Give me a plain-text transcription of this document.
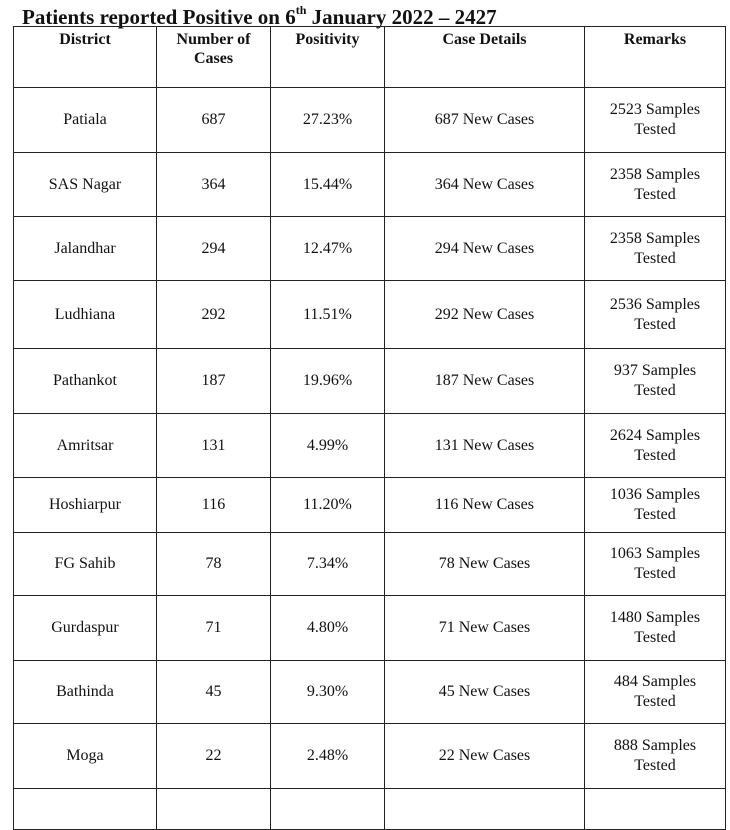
Patients reported Positive on 6th January 2022 – 2427
District	Number of Cases	Positivity	Case Details	Remarks
Patiala	687	27.23%	687 New Cases	2523 Samples Tested
SAS Nagar	364	15.44%	364 New Cases	2358 Samples Tested
Jalandhar	294	12.47%	294 New Cases	2358 Samples Tested
Ludhiana	292	11.51%	292 New Cases	2536 Samples Tested
Pathankot	187	19.96%	187 New Cases	937 Samples Tested
Amritsar	131	4.99%	131 New Cases	2624 Samples Tested
Hoshiarpur	116	11.20%	116 New Cases	1036 Samples Tested
FG Sahib	78	7.34%	78 New Cases	1063 Samples Tested
Gurdaspur	71	4.80%	71 New Cases	1480 Samples Tested
Bathinda	45	9.30%	45 New Cases	484 Samples Tested
Moga	22	2.48%	22 New Cases	888 Samples Tested
